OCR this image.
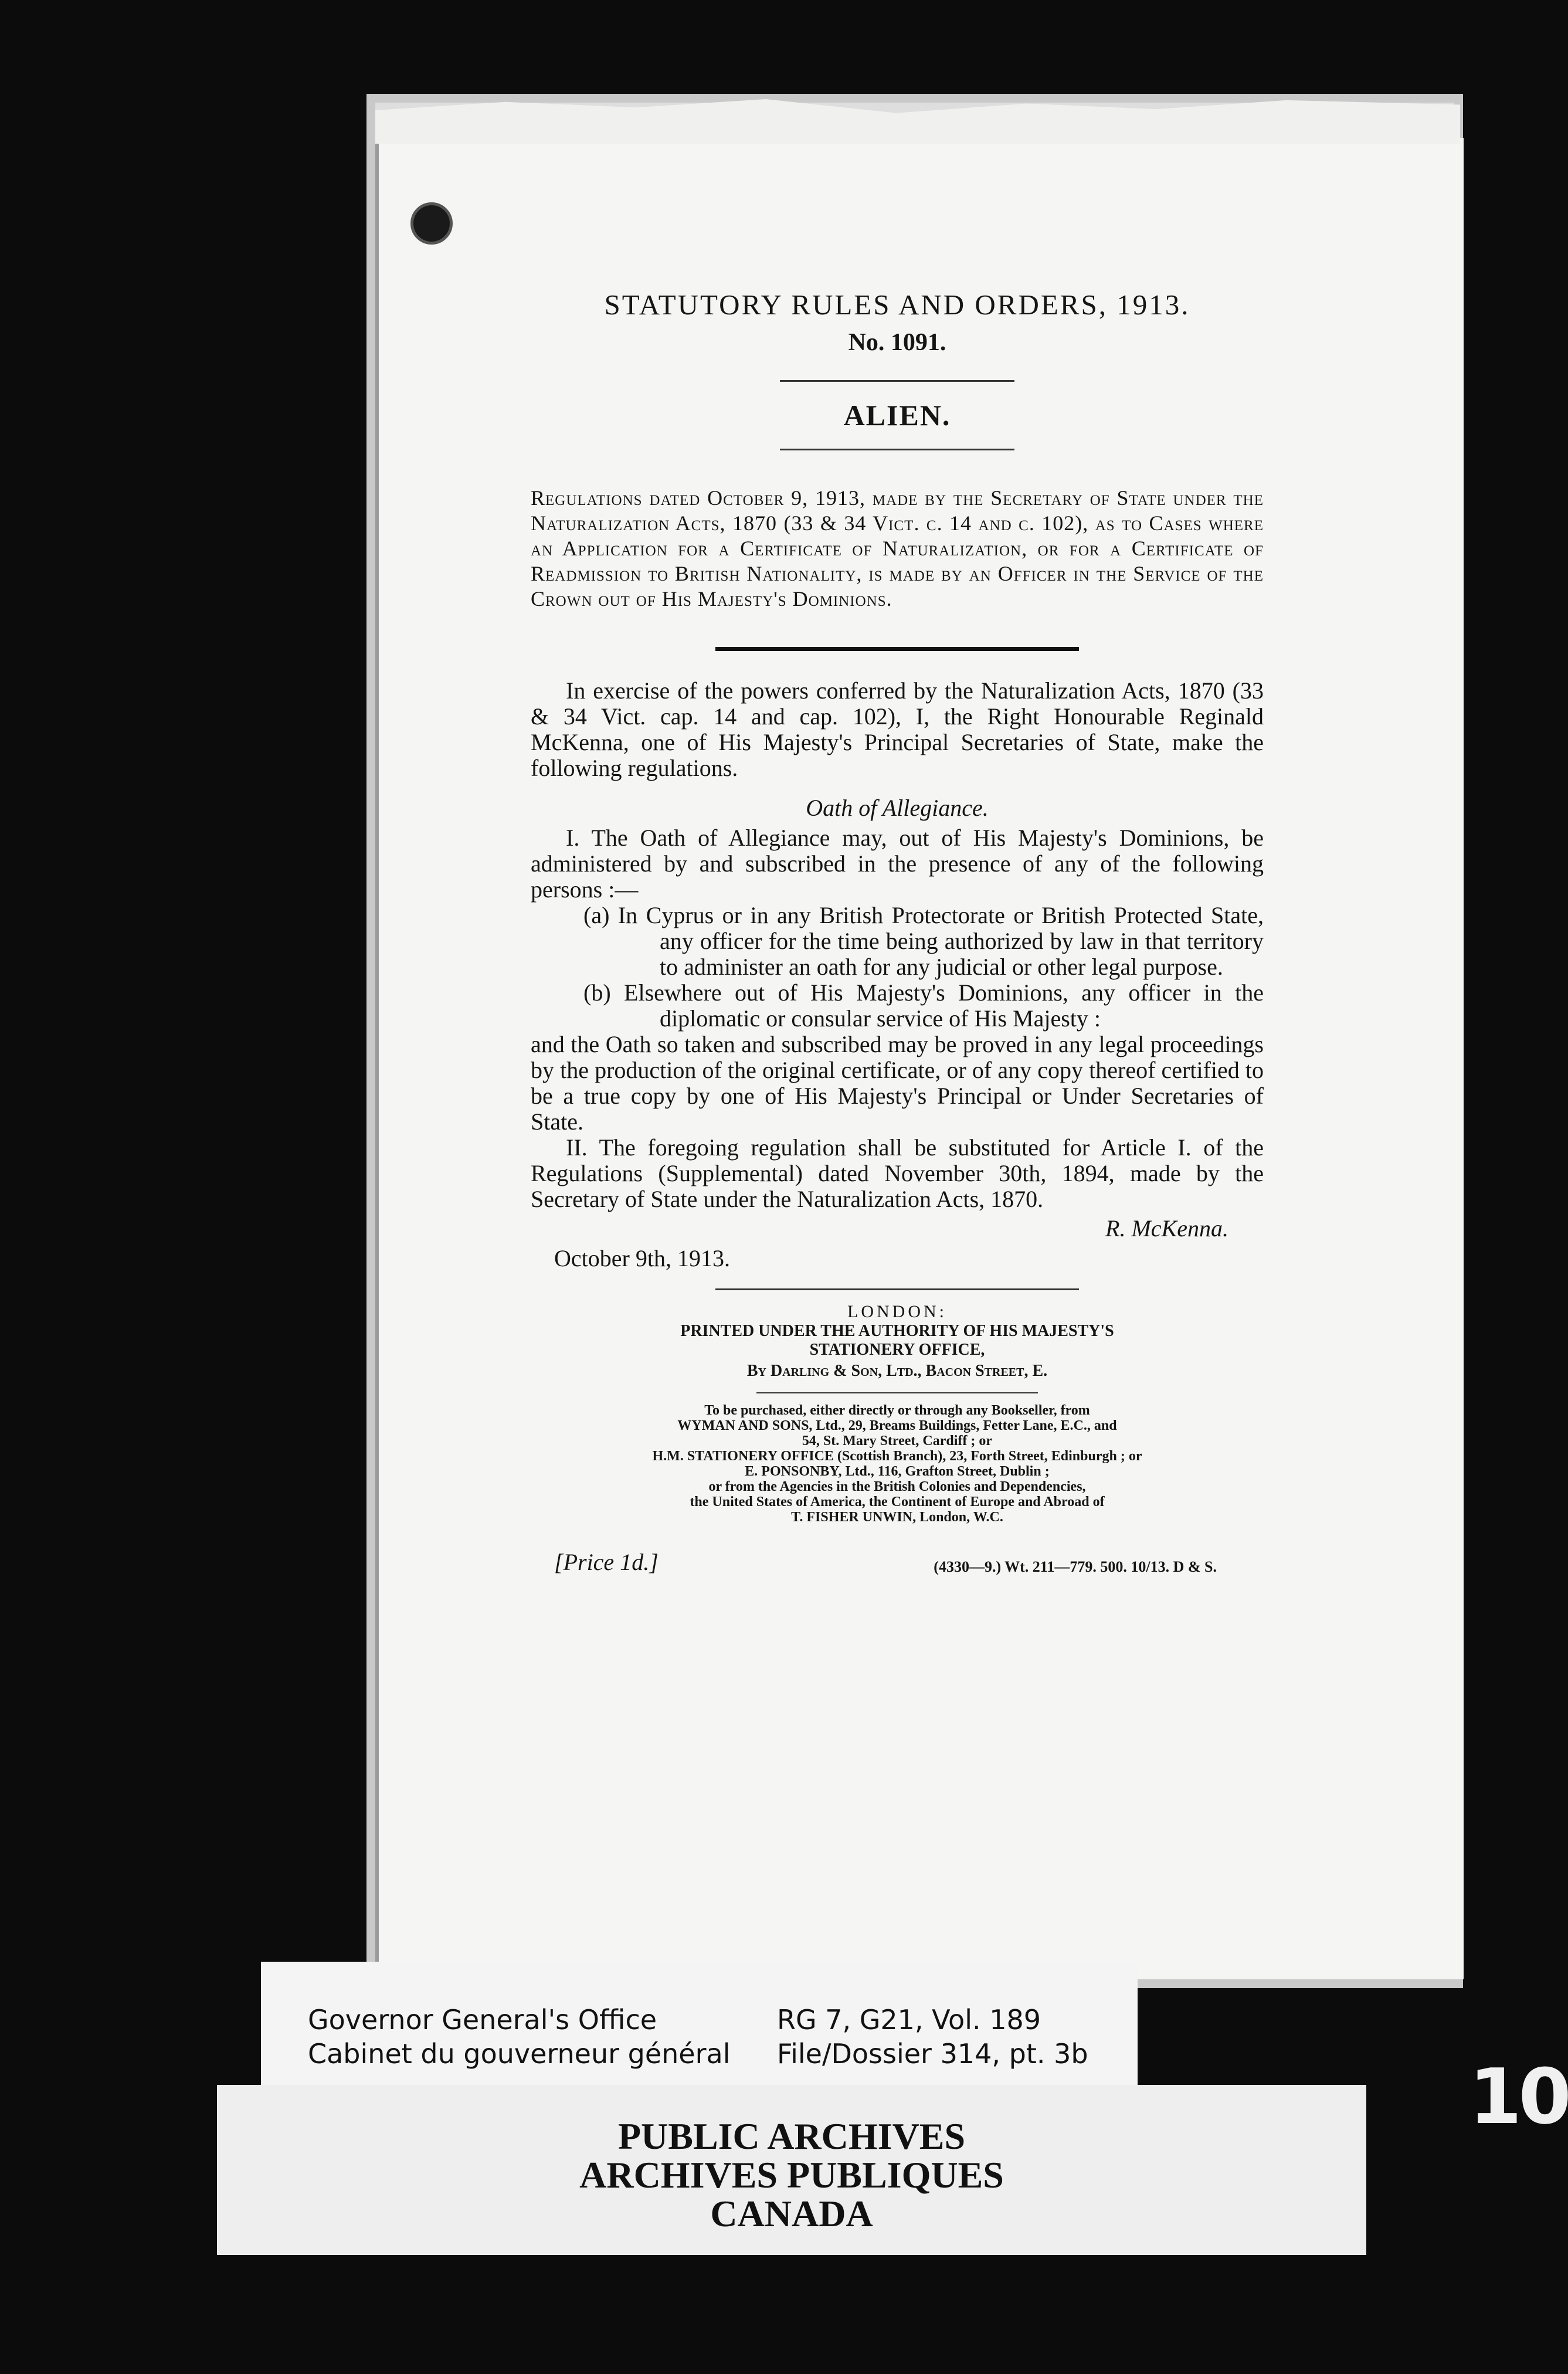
STATUTORY RULES AND ORDERS, 1913.
No. 1091.
ALIEN.
Regulations dated October 9, 1913, made by the Secretary of State under the Naturalization Acts, 1870 (33 & 34 Vict. c. 14 and c. 102), as to Cases where an Application for a Certificate of Naturalization, or for a Certificate of Readmission to British Nationality, is made by an Officer in the Service of the Crown out of His Majesty's Dominions.
In exercise of the powers conferred by the Naturalization Acts, 1870 (33 & 34 Vict. cap. 14 and cap. 102), I, the Right Honourable Reginald McKenna, one of His Majesty's Principal Secretaries of State, make the following regulations.
Oath of Allegiance.
I. The Oath of Allegiance may, out of His Majesty's Dominions, be administered by and subscribed in the presence of any of the following persons :—
(a) In Cyprus or in any British Protectorate or British Protected State, any officer for the time being authorized by law in that territory to administer an oath for any judicial or other legal purpose.
(b) Elsewhere out of His Majesty's Dominions, any officer in the diplomatic or consular service of His Majesty :
and the Oath so taken and subscribed may be proved in any legal proceedings by the production of the original certificate, or of any copy thereof certified to be a true copy by one of His Majesty's Principal or Under Secretaries of State.
II. The foregoing regulation shall be substituted for Article I. of the Regulations (Supplemental) dated November 30th, 1894, made by the Secretary of State under the Naturalization Acts, 1870.
R. McKenna.
October 9th, 1913.
LONDON:
PRINTED UNDER THE AUTHORITY OF HIS MAJESTY'S
STATIONERY OFFICE,
By Darling & Son, Ltd., Bacon Street, E.
To be purchased, either directly or through any Bookseller, from
WYMAN AND SONS, Ltd., 29, Breams Buildings, Fetter Lane, E.C., and
54, St. Mary Street, Cardiff ; or
H.M. STATIONERY OFFICE (Scottish Branch), 23, Forth Street, Edinburgh ; or
E. PONSONBY, Ltd., 116, Grafton Street, Dublin ;
or from the Agencies in the British Colonies and Dependencies,
the United States of America, the Continent of Europe and Abroad of
T. FISHER UNWIN, London, W.C.
[Price 1d.]	(4330—9.) Wt. 211—779. 500. 10/13. D & S.
Governor General's Office
Cabinet du gouverneur général
RG 7, G21, Vol. 189
File/Dossier 314, pt. 3b
PUBLIC ARCHIVES
ARCHIVES PUBLIQUES
CANADA
10
